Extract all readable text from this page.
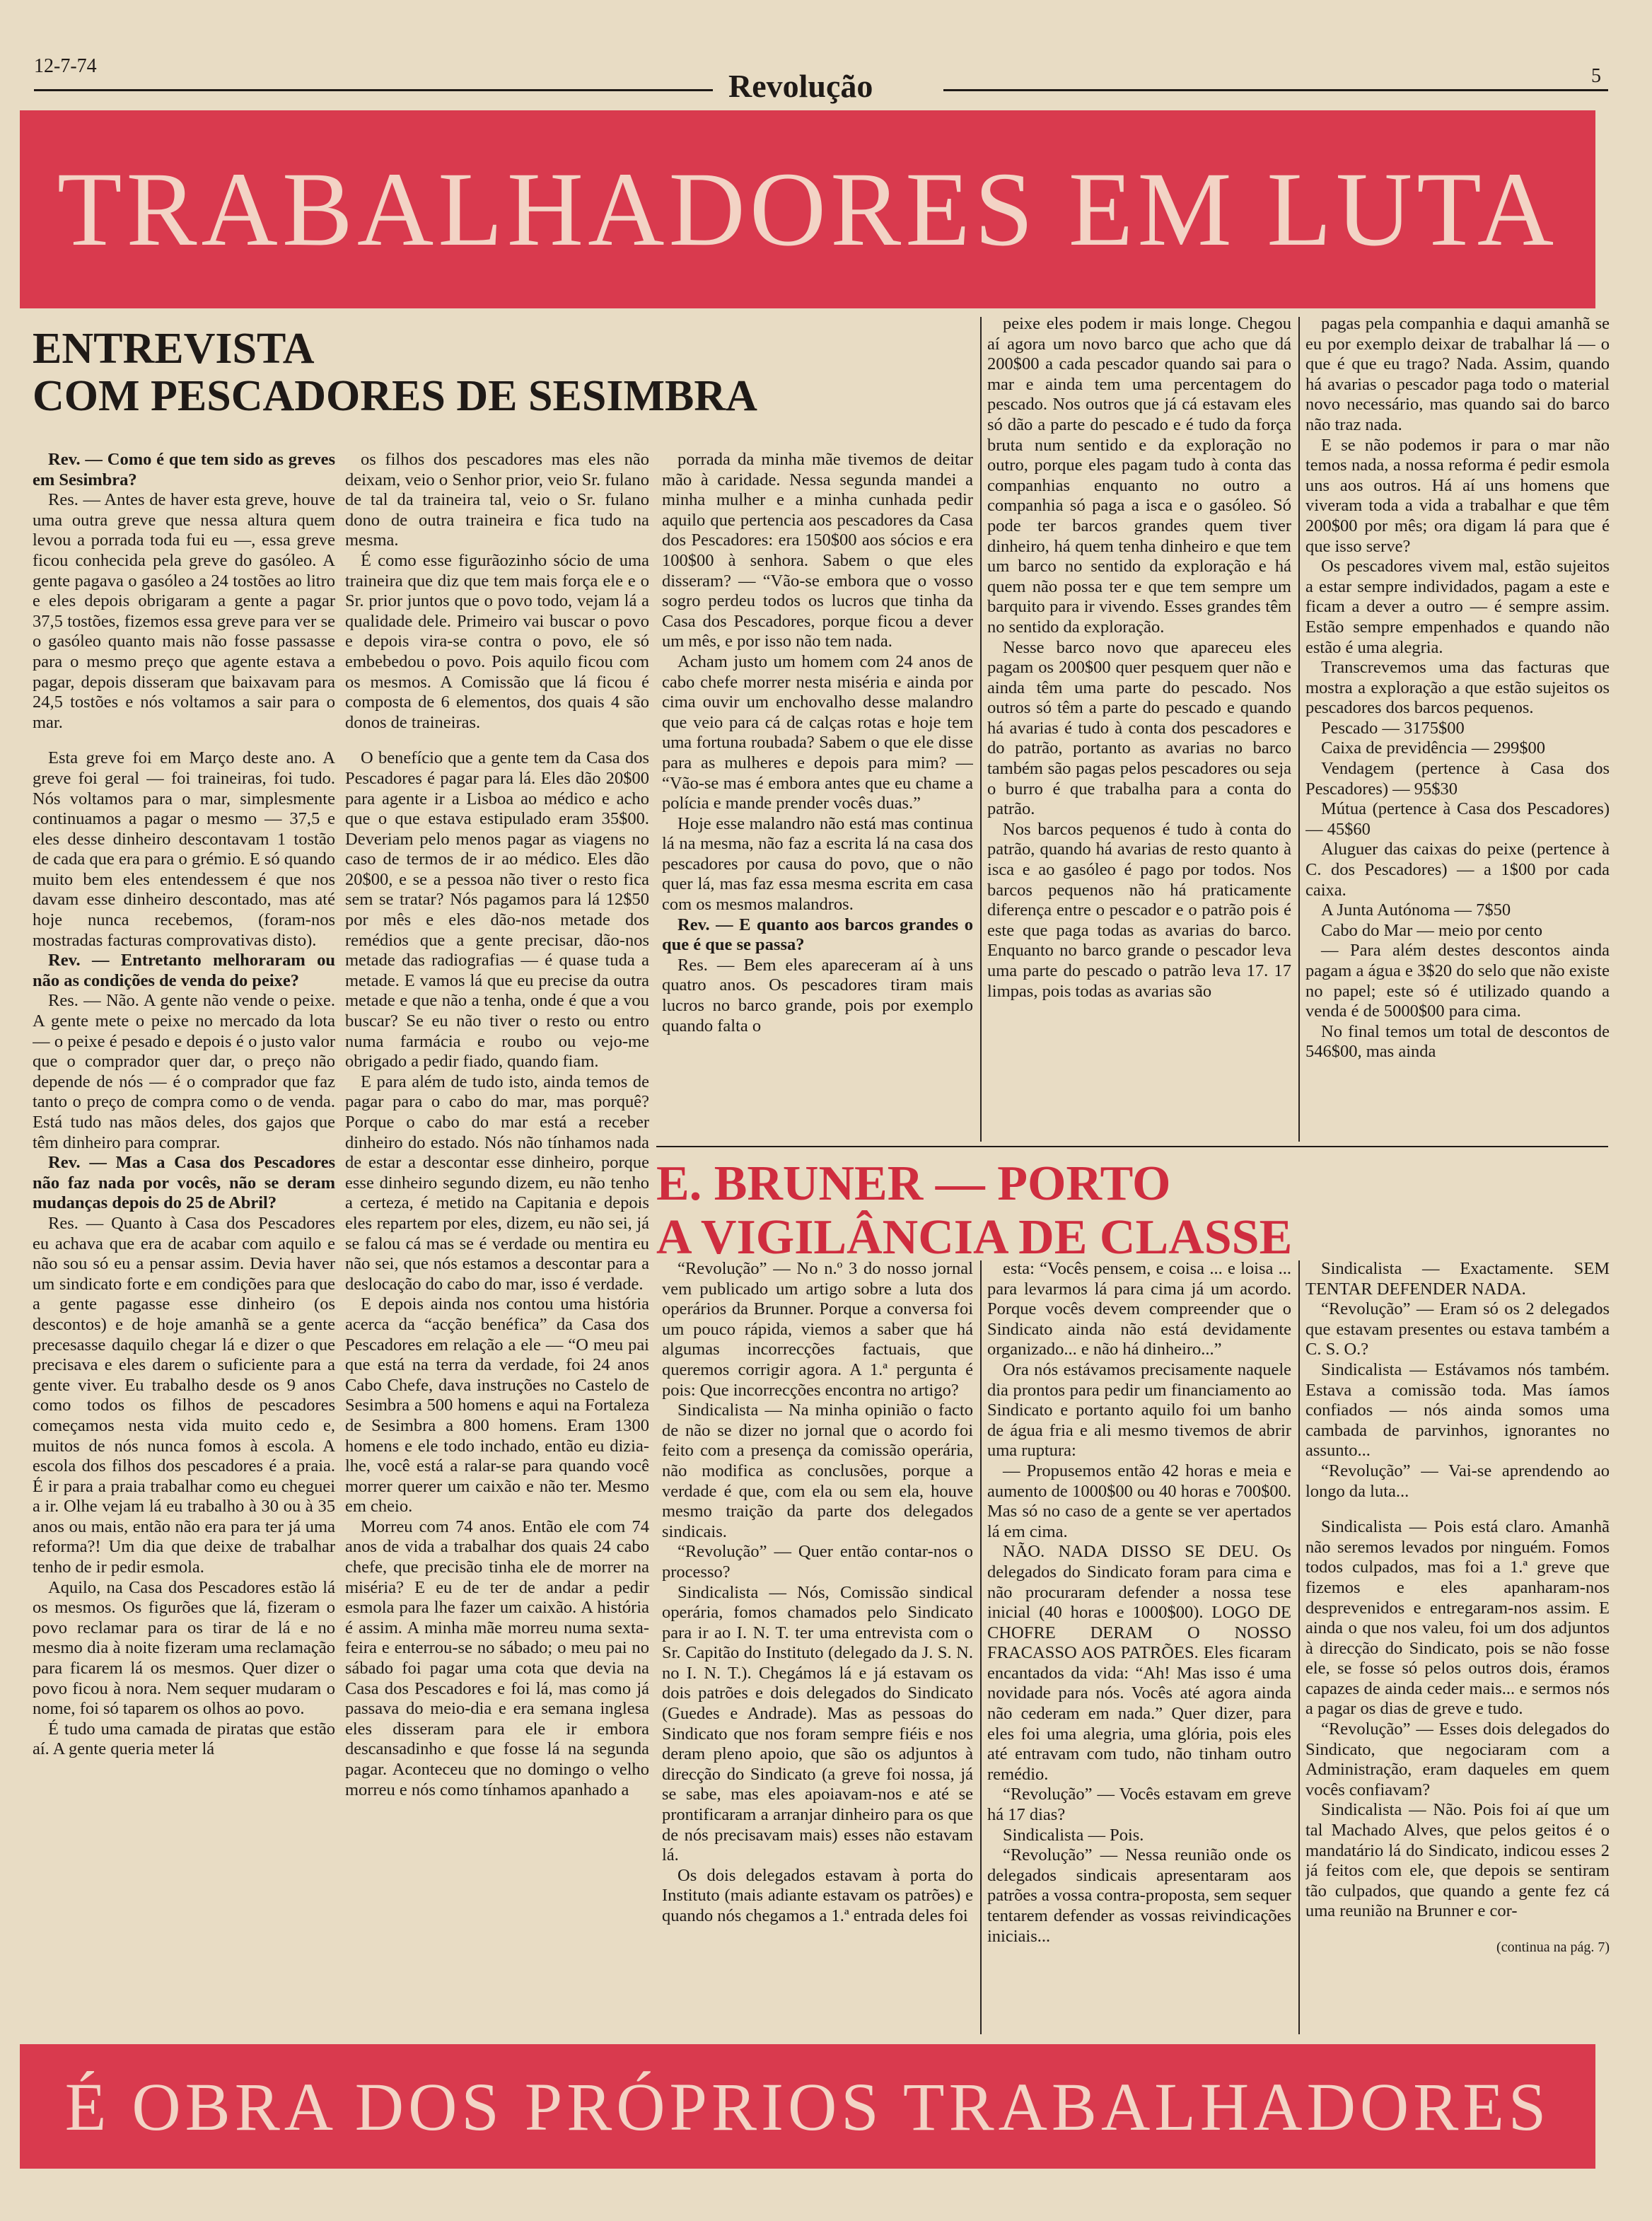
12-7-74
Revolução	5
TRABALHADORES EM LUTA
ENTREVISTA
COM PESCADORES DE SESIMBRA

Rev. — Como é que tem sido as greves em Sesimbra?

Res. — Antes de haver esta greve, houve uma outra greve que nessa altura quem levou a porrada toda fui eu —, essa greve ficou conhecida pela greve do gasóleo. A gente pagava o gasóleo a 24 tostões ao litro e eles depois obrigaram a gente a pagar 37,5 tostões, fizemos essa greve para ver se o gasóleo quanto mais não fosse passasse para o mesmo preço que agente estava a pagar, depois disseram que baixavam para 24,5 tostões e nós voltamos a sair para o mar.

Esta greve foi em Março deste ano. A greve foi geral — foi traineiras, foi tudo. Nós voltamos para o mar, simplesmente continuamos a pagar o mesmo — 37,5 e eles desse dinheiro descontavam 1 tostão de cada que era para o grémio. E só quando muito bem eles entendessem é que nos davam esse dinheiro descontado, mas até hoje nunca recebemos, (foram-nos mostradas facturas comprovativas disto).

Rev. — Entretanto melhoraram ou não as condições de venda do peixe?

Res. — Não. A gente não vende o peixe. A gente mete o peixe no mercado da lota — o peixe é pesado e depois é o justo valor que o comprador quer dar, o preço não depende de nós — é o comprador que faz tanto o preço de compra como o de venda. Está tudo nas mãos deles, dos gajos que têm dinheiro para comprar.

Rev. — Mas a Casa dos Pescadores não faz nada por vocês, não se deram mudanças depois do 25 de Abril?

Res. — Quanto à Casa dos Pescadores eu achava que era de acabar com aquilo e não sou só eu a pensar assim. Devia haver um sindicato forte e em condições para que a gente pagasse esse dinheiro (os descontos) e de hoje amanhã se a gente precesasse daquilo chegar lá e dizer o que precisava e eles darem o suficiente para a gente viver. Eu trabalho desde os 9 anos como todos os filhos de pescadores começamos nesta vida muito cedo e, muitos de nós nunca fomos à escola. A escola dos filhos dos pescadores é a praia. É ir para a praia trabalhar como eu cheguei a ir. Olhe vejam lá eu trabalho à 30 ou à 35 anos ou mais, então não era para ter já uma reforma?! Um dia que deixe de trabalhar tenho de ir pedir esmola.

Aquilo, na Casa dos Pescadores estão lá os mesmos. Os figurões que lá, fizeram o povo reclamar para os tirar de lá e no mesmo dia à noite fizeram uma reclamação para ficarem lá os mesmos. Quer dizer o povo ficou à nora. Nem sequer mudaram o nome, foi só taparem os olhos ao povo.

É tudo uma camada de piratas que estão aí. A gente queria meter lá

os filhos dos pescadores mas eles não deixam, veio o Senhor prior, veio Sr. fulano de tal da traineira tal, veio o Sr. fulano dono de outra traineira e fica tudo na mesma.

É como esse figurãozinho sócio de uma traineira que diz que tem mais força ele e o Sr. prior juntos que o povo todo, vejam lá a qualidade dele. Primeiro vai buscar o povo e depois vira-se contra o povo, ele só embebedou o povo. Pois aquilo ficou com os mesmos. A Comissão que lá ficou é composta de 6 elementos, dos quais 4 são donos de traineiras.

O benefício que a gente tem da Casa dos Pescadores é pagar para lá. Eles dão 20$00 para agente ir a Lisboa ao médico e acho que o que estava estipulado eram 35$00. Deveriam pelo menos pagar as viagens no caso de termos de ir ao médico. Eles dão 20$00, e se a pessoa não tiver o resto fica sem se tratar? Nós pagamos para lá 12$50 por mês e eles dão-nos metade dos remédios que a gente precisar, dão-nos metade das radiografias — é quase tuda a metade. E vamos lá que eu precise da outra metade e que não a tenha, onde é que a vou buscar? Se eu não tiver o resto ou entro numa farmácia e roubo ou vejo-me obrigado a pedir fiado, quando fiam.

E para além de tudo isto, ainda temos de pagar para o cabo do mar, mas porquê? Porque o cabo do mar está a receber dinheiro do estado. Nós não tínhamos nada de estar a descontar esse dinheiro, porque esse dinheiro segundo dizem, eu não tenho a certeza, é metido na Capitania e depois eles repartem por eles, dizem, eu não sei, já se falou cá mas se é verdade ou mentira eu não sei, que nós estamos a descontar para a deslocação do cabo do mar, isso é verdade.

E depois ainda nos contou uma história acerca da “acção benéfica” da Casa dos Pescadores em relação a ele — “O meu pai que está na terra da verdade, foi 24 anos Cabo Chefe, dava instruções no Castelo de Sesimbra a 500 homens e aqui na Fortaleza de Sesimbra a 800 homens. Eram 1300 homens e ele todo inchado, então eu dizia-lhe, você está a ralar-se para quando você morrer querer um caixão e não ter. Mesmo em cheio.

Morreu com 74 anos. Então ele com 74 anos de vida a trabalhar dos quais 24 cabo chefe, que precisão tinha ele de morrer na miséria? E eu de ter de andar a pedir esmola para lhe fazer um caixão. A história é assim. A minha mãe morreu numa sexta-feira e enterrou-se no sábado; o meu pai no sábado foi pagar uma cota que devia na Casa dos Pescadores e foi lá, mas como já passava do meio-dia e era semana inglesa eles disseram para ele ir embora descansadinho e que fosse lá na segunda pagar. Aconteceu que no domingo o velho morreu e nós como tínhamos apanhado a

porrada da minha mãe tivemos de deitar mão à caridade. Nessa segunda mandei a minha mulher e a minha cunhada pedir aquilo que pertencia aos pescadores da Casa dos Pescadores: era 150$00 aos sócios e era 100$00 à senhora. Sabem o que eles disseram? — “Vão-se embora que o vosso sogro perdeu todos os lucros que tinha da Casa dos Pescadores, porque ficou a dever um mês, e por isso não tem nada.

Acham justo um homem com 24 anos de cabo chefe morrer nesta miséria e ainda por cima ouvir um enchovalho desse malandro que veio para cá de calças rotas e hoje tem uma fortuna roubada? Sabem o que ele disse para as mulheres e depois para mim? — “Vão-se mas é embora antes que eu chame a polícia e mande prender vocês duas.”

Hoje esse malandro não está mas continua lá na mesma, não faz a escrita lá na casa dos pescadores por causa do povo, que o não quer lá, mas faz essa mesma escrita em casa com os mesmos malandros.

Rev. — E quanto aos barcos grandes o que é que se passa?

Res. — Bem eles apareceram aí à uns quatro anos. Os pescadores tiram mais lucros no barco grande, pois por exemplo quando falta o

peixe eles podem ir mais longe. Chegou aí agora um novo barco que acho que dá 200$00 a cada pescador quando sai para o mar e ainda tem uma percentagem do pescado. Nos outros que já cá estavam eles só dão a parte do pescado e é tudo da força bruta num sentido e da exploração no outro, porque eles pagam tudo à conta das companhias enquanto no outro a companhia só paga a isca e o gasóleo. Só pode ter barcos grandes quem tiver dinheiro, há quem tenha dinheiro e que tem um barco no sentido da exploração e há quem não possa ter e que tem sempre um barquito para ir vivendo. Esses grandes têm no sentido da exploração.

Nesse barco novo que apareceu eles pagam os 200$00 quer pesquem quer não e ainda têm uma parte do pescado. Nos outros só têm a parte do pescado e quando há avarias é tudo à conta dos pescadores e do patrão, portanto as avarias no barco também são pagas pelos pescadores ou seja o burro é que trabalha para a conta do patrão.

Nos barcos pequenos é tudo à conta do patrão, quando há avarias de resto quanto à isca e ao gasóleo é pago por todos. Nos barcos pequenos não há praticamente diferença entre o pescador e o patrão pois é este que paga todas as avarias do barco. Enquanto no barco grande o pescador leva uma parte do pescado o patrão leva 17. 17 limpas, pois todas as avarias são

pagas pela companhia e daqui amanhã se eu por exemplo deixar de trabalhar lá — o que é que eu trago? Nada. Assim, quando há avarias o pescador paga todo o material novo necessário, mas quando sai do barco não traz nada.

E se não podemos ir para o mar não temos nada, a nossa reforma é pedir esmola uns aos outros. Há aí uns homens que viveram toda a vida a trabalhar e que têm 200$00 por mês; ora digam lá para que é que isso serve?

Os pescadores vivem mal, estão sujeitos a estar sempre individados, pagam a este e ficam a dever a outro — é sempre assim. Estão sempre empenhados e quando não estão é uma alegria.

Transcrevemos uma das facturas que mostra a exploração a que estão sujeitos os pescadores dos barcos pequenos.

Pescado — 3175$00

Caixa de previdência — 299$00

Vendagem (pertence à Casa dos Pescadores) — 95$30

Mútua (pertence à Casa dos Pescadores) — 45$60

Aluguer das caixas do peixe (pertence à C. dos Pescadores) — a 1$00 por cada caixa.

A Junta Autónoma — 7$50

Cabo do Mar — meio por cento

— Para além destes descontos ainda pagam a água e 3$20 do selo que não existe no papel; este só é utilizado quando a venda é de 5000$00 para cima.

No final temos um total de descontos de 546$00, mas ainda

E. BRUNER — PORTO
A VIGILÂNCIA DE CLASSE

“Revolução” — No n.º 3 do nosso jornal vem publicado um artigo sobre a luta dos operários da Brunner. Porque a conversa foi um pouco rápida, viemos a saber que há algumas incorrecções factuais, que queremos corrigir agora. A 1.ª pergunta é pois: Que incorrecções encontra no artigo?

Sindicalista — Na minha opinião o facto de não se dizer no jornal que o acordo foi feito com a presença da comissão operária, não modifica as conclusões, porque a verdade é que, com ela ou sem ela, houve mesmo traição da parte dos delegados sindicais.

“Revolução” — Quer então contar-nos o processo?

Sindicalista — Nós, Comissão sindical operária, fomos chamados pelo Sindicato para ir ao I. N. T. ter uma entrevista com o Sr. Capitão do Instituto (delegado da J. S. N. no I. N. T.). Chegámos lá e já estavam os dois patrões e dois delegados do Sindicato (Guedes e Andrade). Mas as pessoas do Sindicato que nos foram sempre fiéis e nos deram pleno apoio, que são os adjuntos à direcção do Sindicato (a greve foi nossa, já se sabe, mas eles apoiavam-nos e até se prontificaram a arranjar dinheiro para os que de nós precisavam mais) esses não estavam lá.

Os dois delegados estavam à porta do Instituto (mais adiante estavam os patrões) e quando nós chegamos a 1.ª entrada deles foi

esta: “Vocês pensem, e coisa ... e loisa ... para levarmos lá para cima já um acordo. Porque vocês devem compreender que o Sindicato ainda não está devidamente organizado... e não há dinheiro...”

Ora nós estávamos precisamente naquele dia prontos para pedir um financiamento ao Sindicato e portanto aquilo foi um banho de água fria e ali mesmo tivemos de abrir uma ruptura:

— Propusemos então 42 horas e meia e aumento de 1000$00 ou 40 horas e 700$00. Mas só no caso de a gente se ver apertados lá em cima.

NÃO. NADA DISSO SE DEU. Os delegados do Sindicato foram para cima e não procuraram defender a nossa tese inicial (40 horas e 1000$00). LOGO DE CHOFRE DERAM O NOSSO FRACASSO AOS PATRÕES. Eles ficaram encantados da vida: “Ah! Mas isso é uma novidade para nós. Vocês até agora ainda não cederam em nada.” Quer dizer, para eles foi uma alegria, uma glória, pois eles até entravam com tudo, não tinham outro remédio.

“Revolução” — Vocês estavam em greve há 17 dias?

Sindicalista — Pois.

“Revolução” — Nessa reunião onde os delegados sindicais apresentaram aos patrões a vossa contra-proposta, sem sequer tentarem defender as vossas reivindicações iniciais...

Sindicalista — Exactamente. SEM TENTAR DEFENDER NADA.

“Revolução” — Eram só os 2 delegados que estavam presentes ou estava também a C. S. O.?

Sindicalista — Estávamos nós também. Estava a comissão toda. Mas íamos confiados — nós ainda somos uma cambada de parvinhos, ignorantes no assunto...

“Revolução” — Vai-se aprendendo ao longo da luta...

Sindicalista — Pois está claro. Amanhã não seremos levados por ninguém. Fomos todos culpados, mas foi a 1.ª greve que fizemos e eles apanharam-nos desprevenidos e entregaram-nos assim. E ainda o que nos valeu, foi um dos adjuntos à direcção do Sindicato, pois se não fosse ele, se fosse só pelos outros dois, éramos capazes de ainda ceder mais... e sermos nós a pagar os dias de greve e tudo.

“Revolução” — Esses dois delegados do Sindicato, que negociaram com a Administração, eram daqueles em quem vocês confiavam?

Sindicalista — Não. Pois foi aí que um tal Machado Alves, que pelos geitos é o mandatário lá do Sindicato, indicou esses 2 já feitos com ele, que depois se sentiram tão culpados, que quando a gente fez cá uma reunião na Brunner e cor-

(continua na pág. 7)

É OBRA DOS PRÓPRIOS TRABALHADORES
